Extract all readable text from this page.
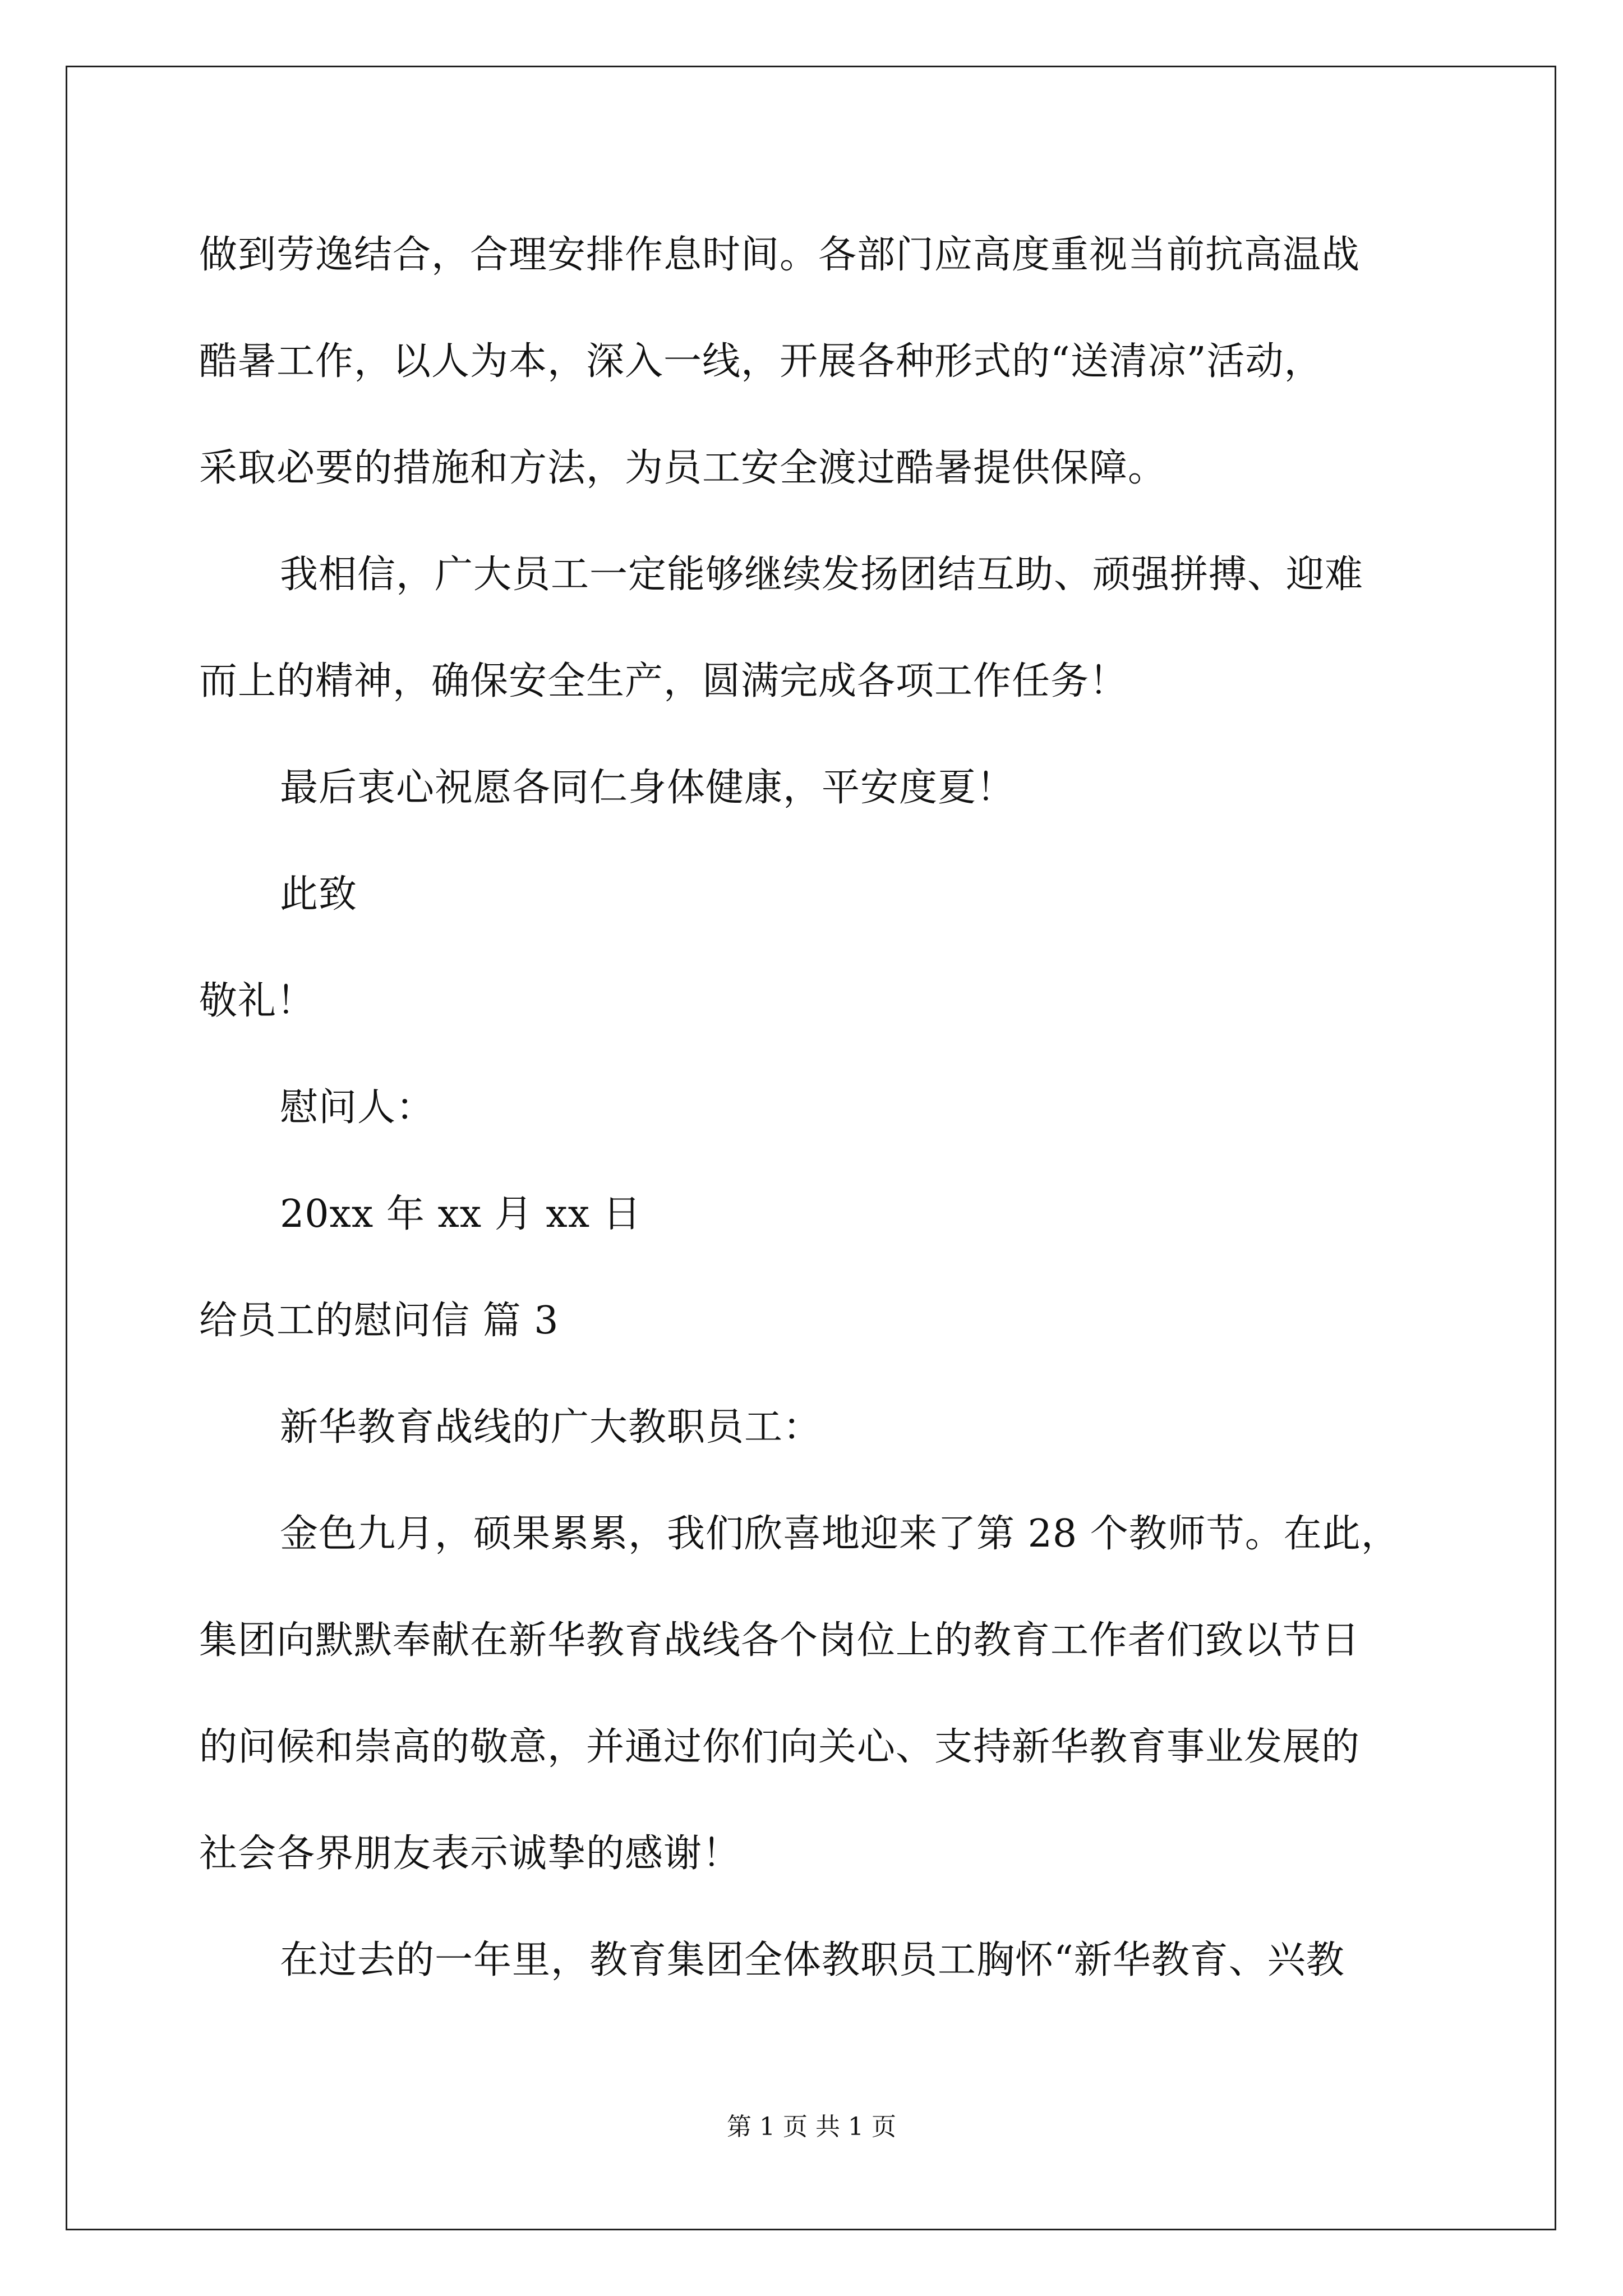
做到劳逸结合，合理安排作息时间。各部门应高度重视当前抗高温战
酷暑工作，以人为本，深入一线，开展各种形式的“送清凉”活动，
采取必要的措施和方法，为员工安全渡过酷暑提供保障。
我相信，广大员工一定能够继续发扬团结互助、顽强拼搏、迎难
而上的精神，确保安全生产，圆满完成各项工作任务！
最后衷心祝愿各同仁身体健康，平安度夏！
此致
敬礼！
慰问人：
20xx 年 xx 月 xx 日
给员工的慰问信 篇 3
新华教育战线的广大教职员工：
金色九月，硕果累累，我们欣喜地迎来了第 28 个教师节。在此，
集团向默默奉献在新华教育战线各个岗位上的教育工作者们致以节日
的问候和崇高的敬意，并通过你们向关心、支持新华教育事业发展的
社会各界朋友表示诚挚的感谢！
在过去的一年里，教育集团全体教职员工胸怀“新华教育、兴教
第 1 页 共 1 页
